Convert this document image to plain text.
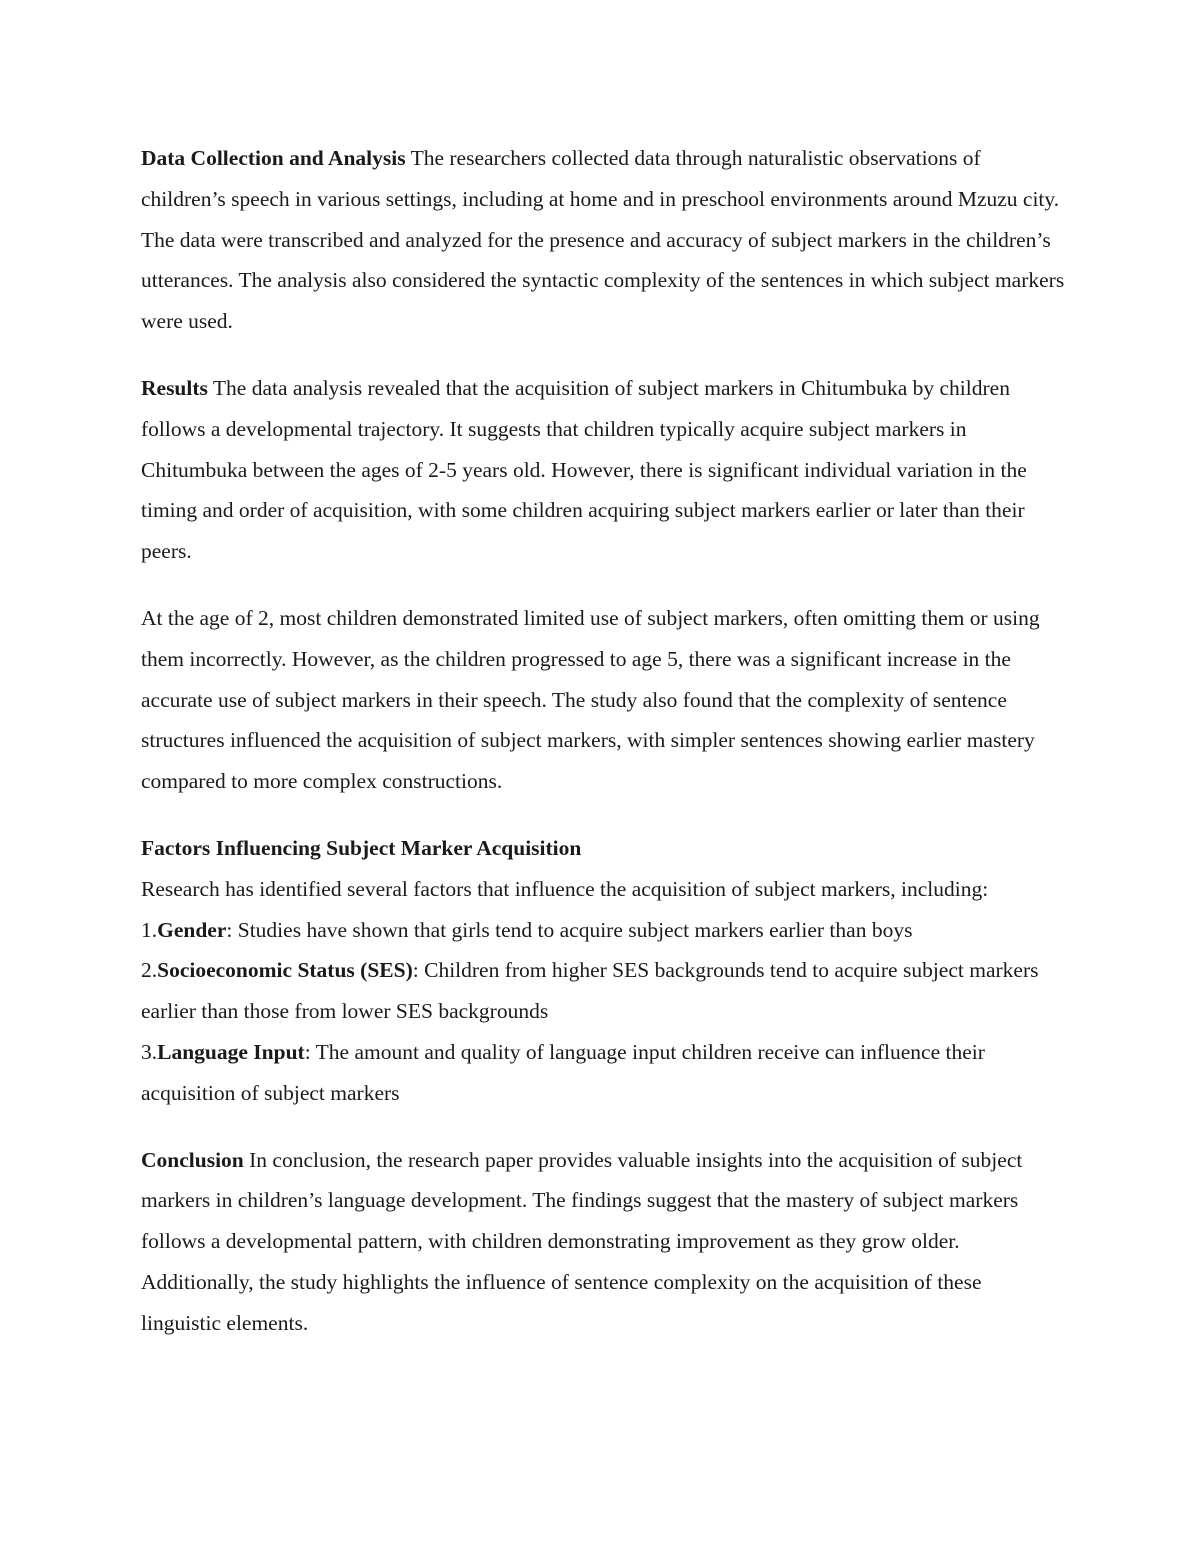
Data Collection and Analysis The researchers collected data through naturalistic observations of children’s speech in various settings, including at home and in preschool environments around Mzuzu city. The data were transcribed and analyzed for the presence and accuracy of subject markers in the children’s utterances. The analysis also considered the syntactic complexity of the sentences in which subject markers were used.

Results The data analysis revealed that the acquisition of subject markers in Chitumbuka by children follows a developmental trajectory. It suggests that children typically acquire subject markers in Chitumbuka between the ages of 2-5 years old. However, there is significant individual variation in the timing and order of acquisition, with some children acquiring subject markers earlier or later than their peers.

At the age of 2, most children demonstrated limited use of subject markers, often omitting them or using them incorrectly. However, as the children progressed to age 5, there was a significant increase in the accurate use of subject markers in their speech. The study also found that the complexity of sentence structures influenced the acquisition of subject markers, with simpler sentences showing earlier mastery compared to more complex constructions.

Factors Influencing Subject Marker Acquisition
Research has identified several factors that influence the acquisition of subject markers, including:
1.Gender: Studies have shown that girls tend to acquire subject markers earlier than boys
2.Socioeconomic Status (SES): Children from higher SES backgrounds tend to acquire subject markers earlier than those from lower SES backgrounds
3.Language Input: The amount and quality of language input children receive can influence their acquisition of subject markers

Conclusion In conclusion, the research paper provides valuable insights into the acquisition of subject markers in children’s language development. The findings suggest that the mastery of subject markers follows a developmental pattern, with children demonstrating improvement as they grow older. Additionally, the study highlights the influence of sentence complexity on the acquisition of these linguistic elements.
